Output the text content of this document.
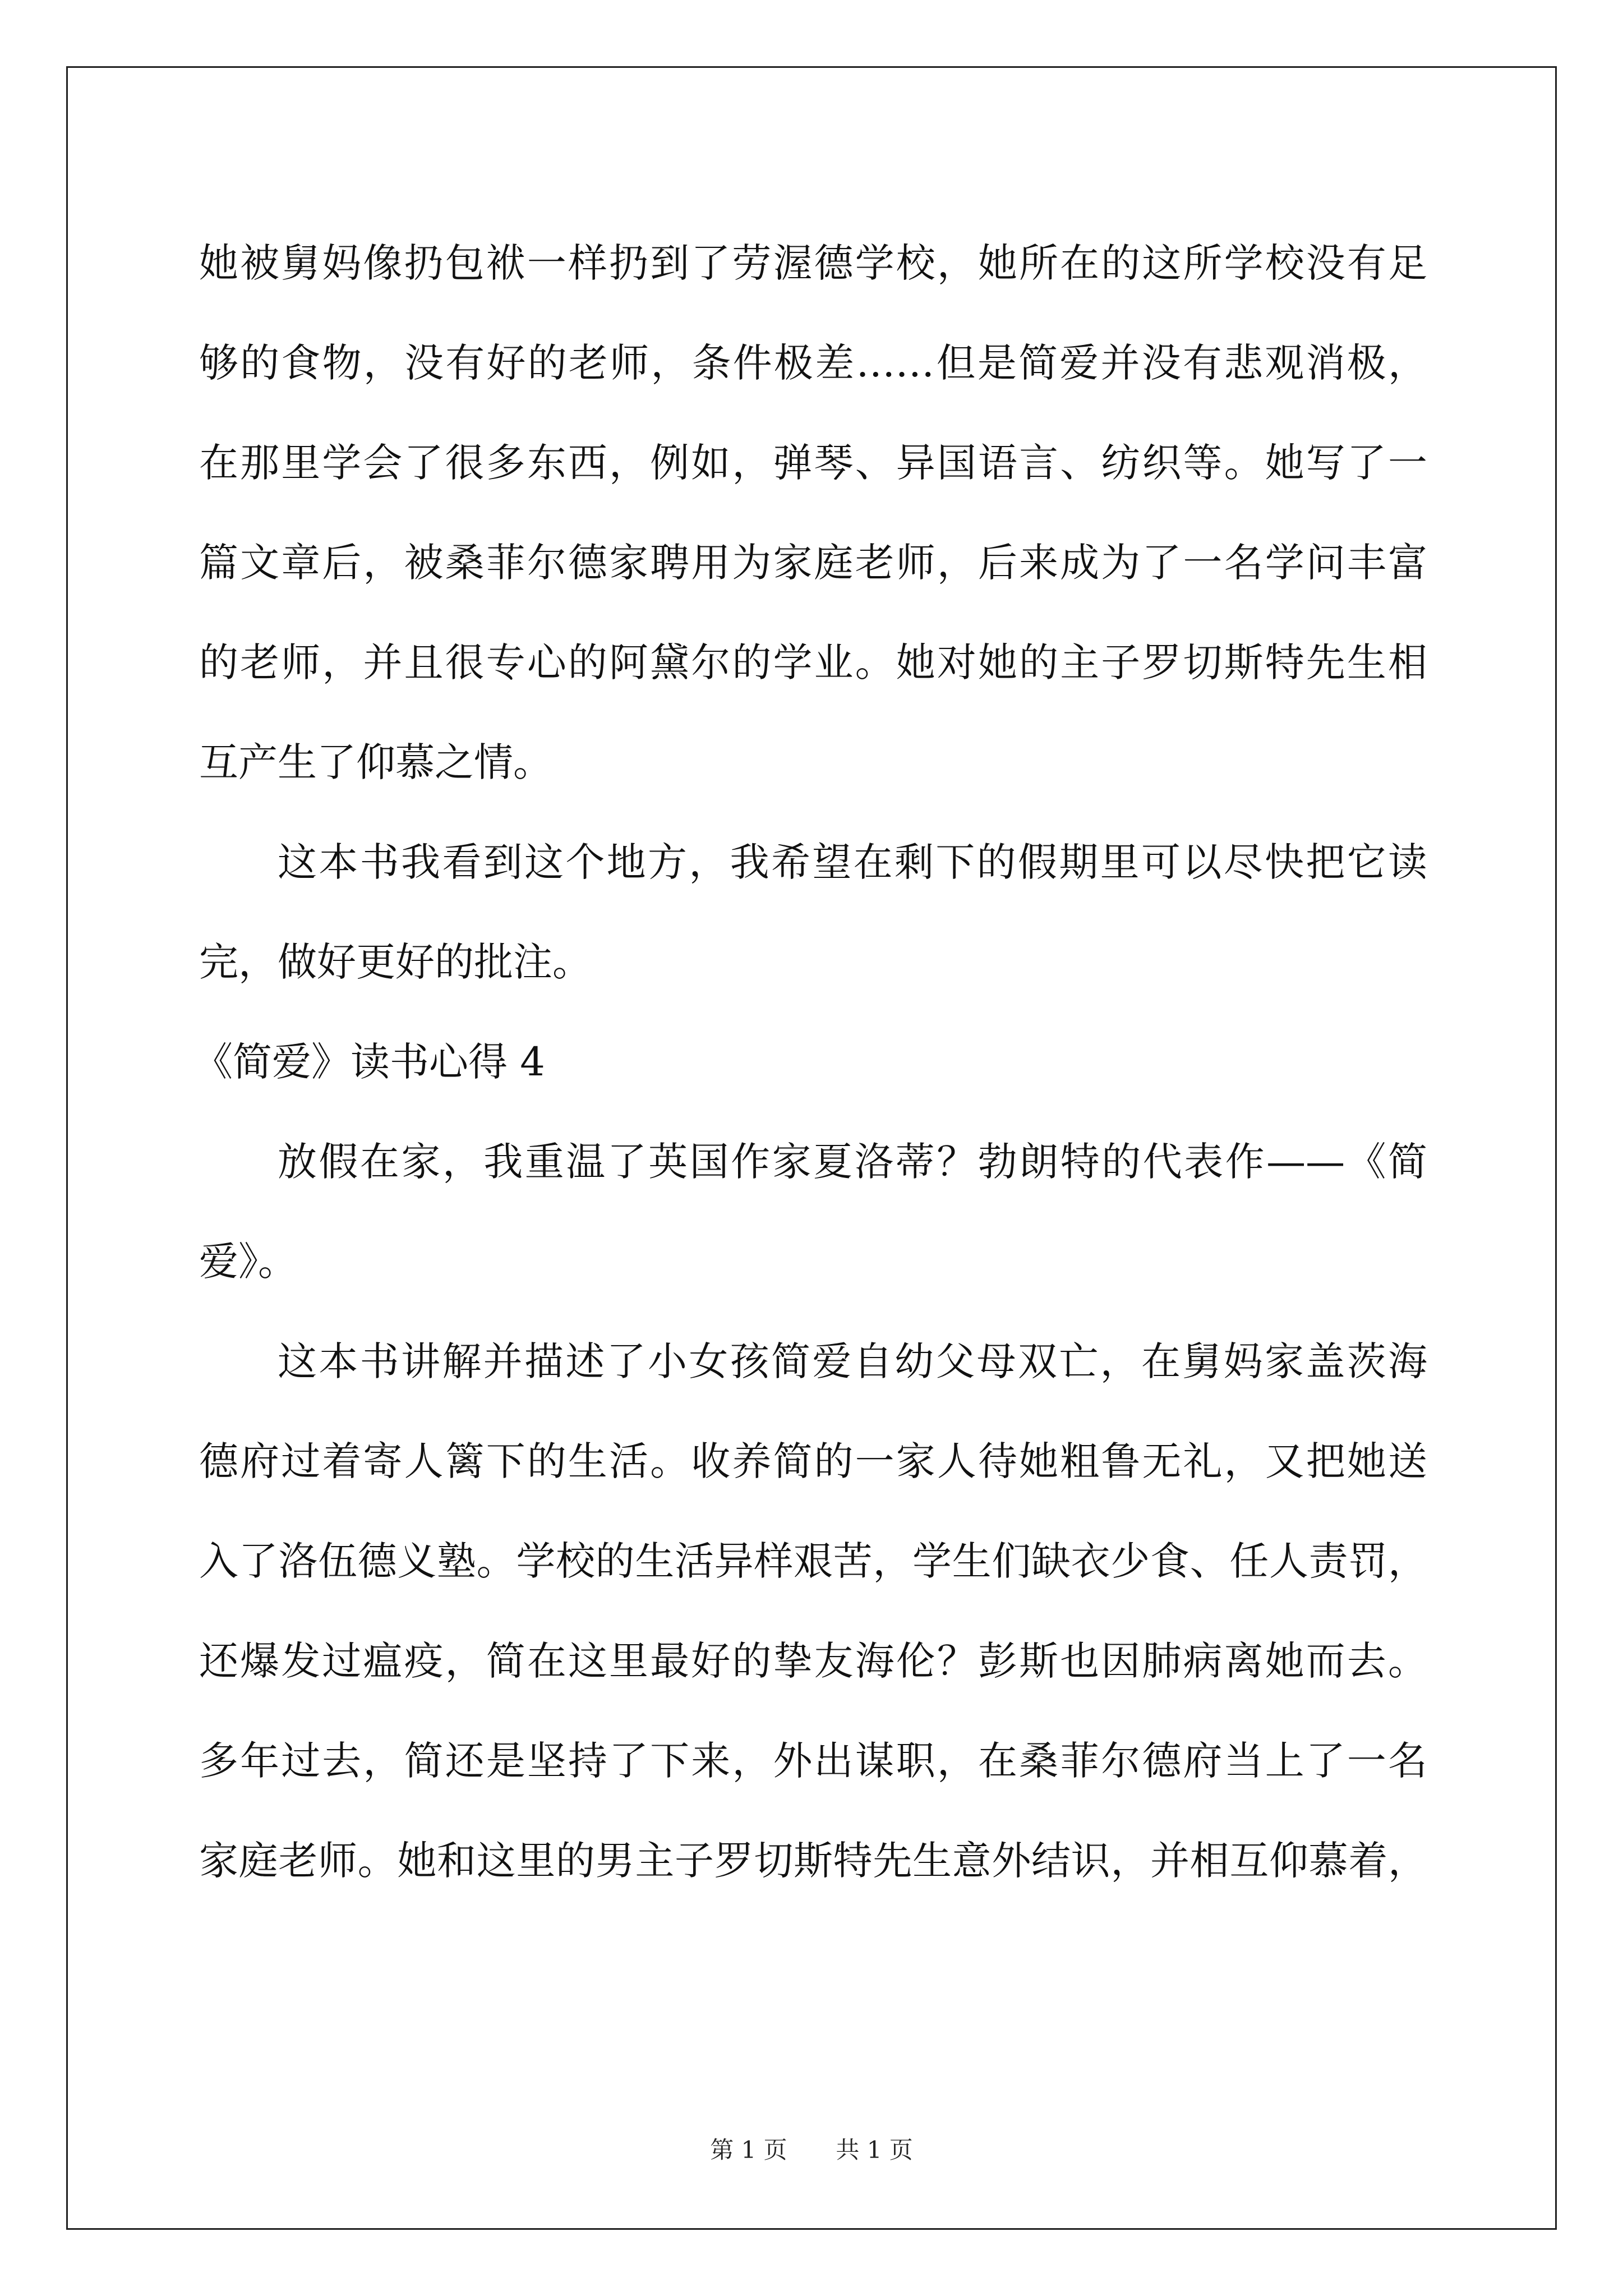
她被舅妈像扔包袱一样扔到了劳渥德学校，她所在的这所学校没有足
够的食物，没有好的老师，条件极差……但是简爱并没有悲观消极，
在那里学会了很多东西，例如，弹琴、异国语言、纺织等。她写了一
篇文章后，被桑菲尔德家聘用为家庭老师，后来成为了一名学问丰富
的老师，并且很专心的阿黛尔的学业。她对她的主子罗切斯特先生相
互产生了仰慕之情。
这本书我看到这个地方，我希望在剩下的假期里可以尽快把它读
完，做好更好的批注。
《简爱》读书心得 4
放假在家，我重温了英国作家夏洛蒂？勃朗特的代表作——《简
爱》。
这本书讲解并描述了小女孩简爱自幼父母双亡，在舅妈家盖茨海
德府过着寄人篱下的生活。收养简的一家人待她粗鲁无礼，又把她送
入了洛伍德义塾。学校的生活异样艰苦，学生们缺衣少食、任人责罚，
还爆发过瘟疫，简在这里最好的挚友海伦？彭斯也因肺病离她而去。
多年过去，简还是坚持了下来，外出谋职，在桑菲尔德府当上了一名
家庭老师。她和这里的男主子罗切斯特先生意外结识，并相互仰慕着，
第 1 页 共 1 页
